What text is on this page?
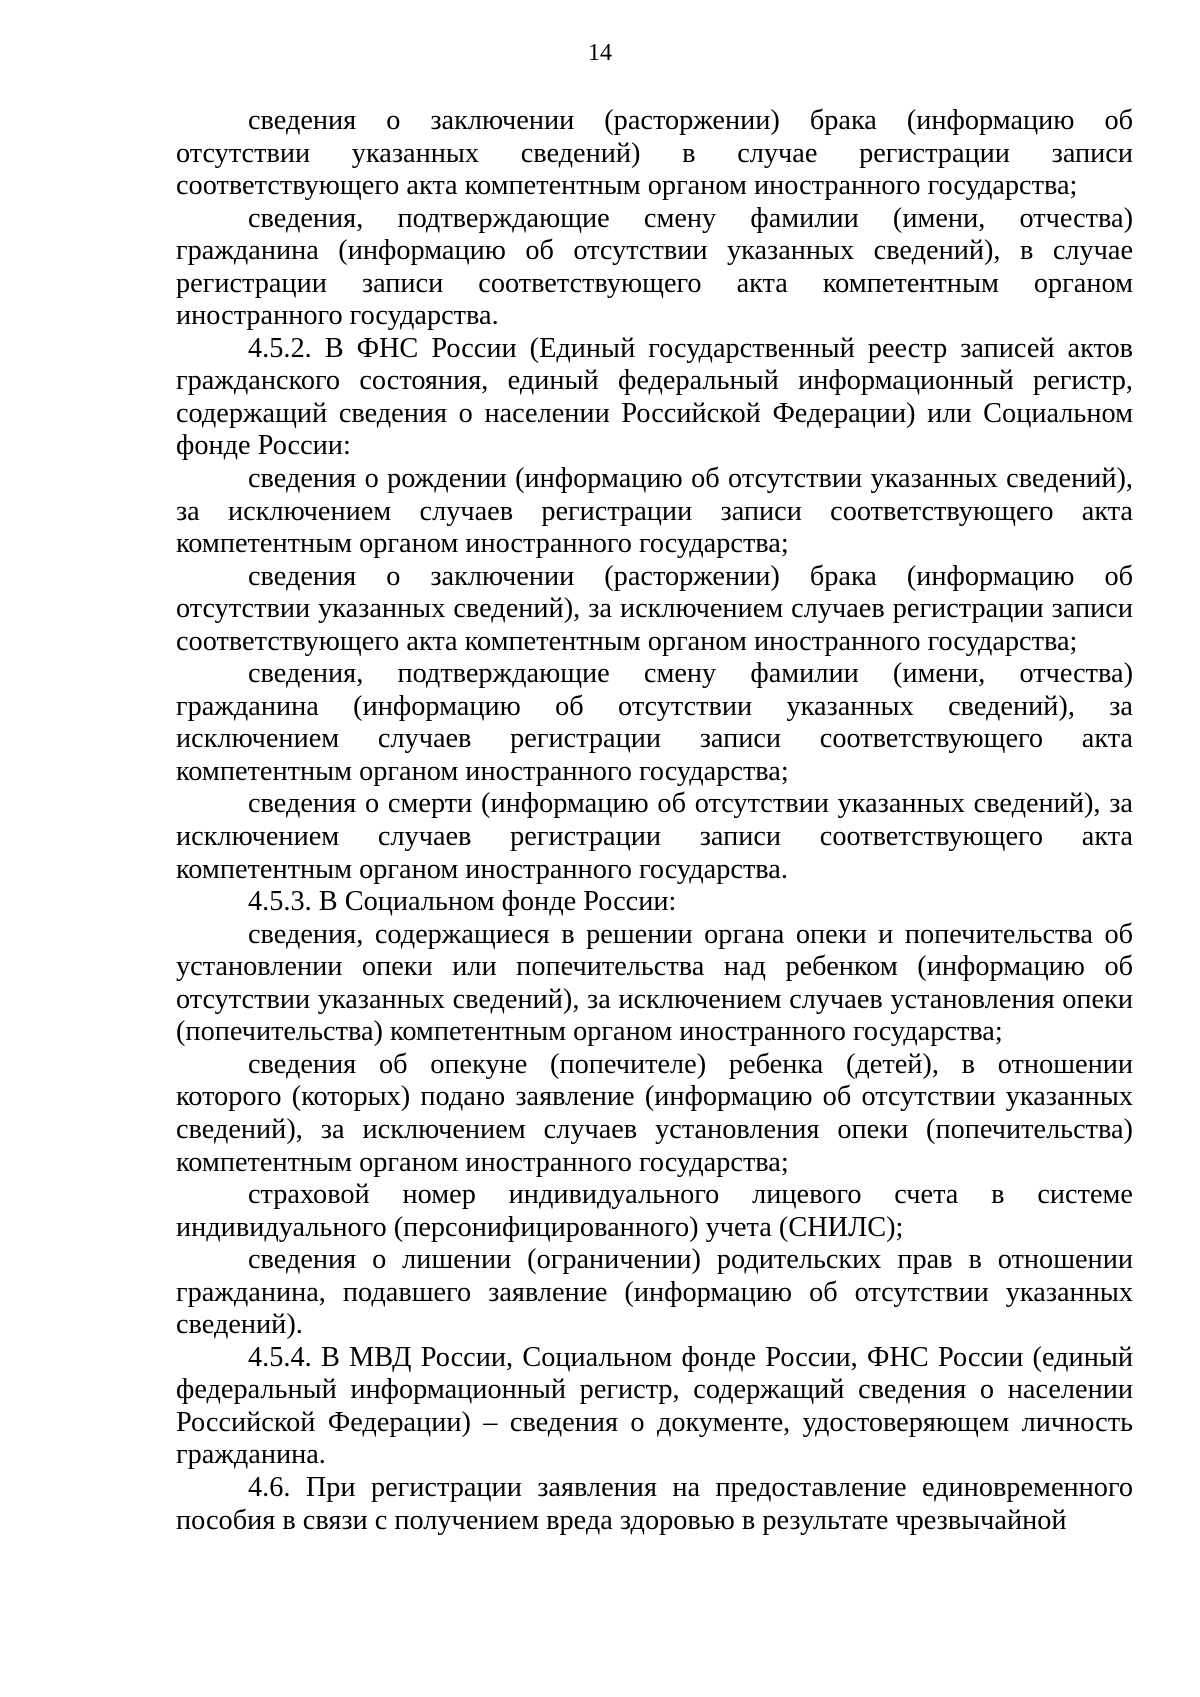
14

сведения о заключении (расторжении) брака (информацию об отсутствии указанных сведений) в случае регистрации записи соответствующего акта компетентным органом иностранного государства;

сведения, подтверждающие смену фамилии (имени, отчества) гражданина (информацию об отсутствии указанных сведений), в случае регистрации записи соответствующего акта компетентным органом иностранного государства.

4.5.2. В ФНС России (Единый государственный реестр записей актов гражданского состояния, единый федеральный информационный регистр, содержащий сведения о населении Российской Федерации) или Социальном фонде России:

сведения о рождении (информацию об отсутствии указанных сведений), за исключением случаев регистрации записи соответствующего акта компетентным органом иностранного государства;

сведения о заключении (расторжении) брака (информацию об отсутствии указанных сведений), за исключением случаев регистрации записи соответствующего акта компетентным органом иностранного государства;

сведения, подтверждающие смену фамилии (имени, отчества) гражданина (информацию об отсутствии указанных сведений), за исключением случаев регистрации записи соответствующего акта компетентным органом иностранного государства;

сведения о смерти (информацию об отсутствии указанных сведений), за исключением случаев регистрации записи соответствующего акта компетентным органом иностранного государства.

4.5.3. В Социальном фонде России:

сведения, содержащиеся в решении органа опеки и попечительства об установлении опеки или попечительства над ребенком (информацию об отсутствии указанных сведений), за исключением случаев установления опеки (попечительства) компетентным органом иностранного государства;

сведения об опекуне (попечителе) ребенка (детей), в отношении которого (которых) подано заявление (информацию об отсутствии указанных сведений), за исключением случаев установления опеки (попечительства) компетентным органом иностранного государства;

страховой номер индивидуального лицевого счета в системе индивидуального (персонифицированного) учета (СНИЛС);

сведения о лишении (ограничении) родительских прав в отношении гражданина, подавшего заявление (информацию об отсутствии указанных сведений).

4.5.4. В МВД России, Социальном фонде России, ФНС России (единый федеральный информационный регистр, содержащий сведения о населении Российской Федерации) – сведения о документе, удостоверяющем личность гражданина.

4.6. При регистрации заявления на предоставление единовременного пособия в связи с получением вреда здоровью в результате чрезвычайной
